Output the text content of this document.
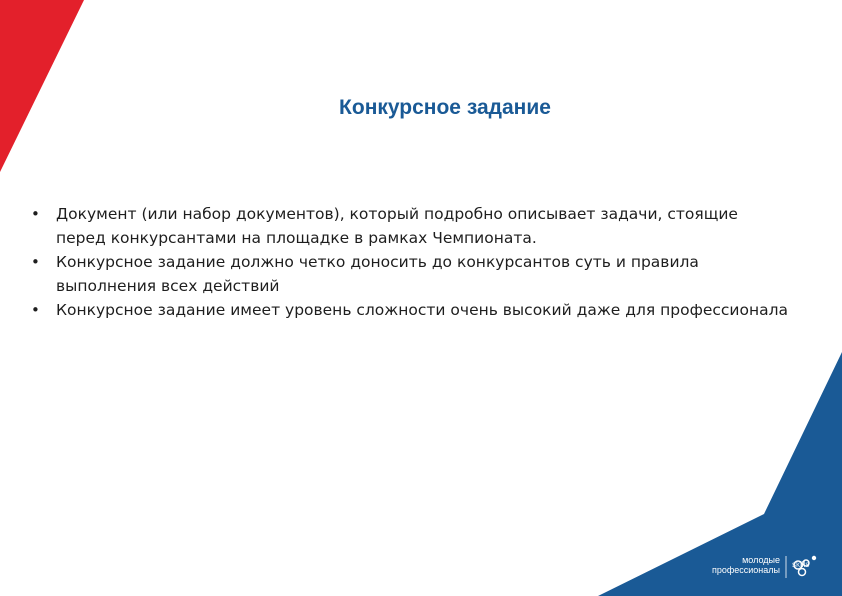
Конкурсное задание
• Документ (или набор документов), который подробно описывает задачи, стоящие перед конкурсантами на площадке в рамках Чемпионата.
• Конкурсное задание должно четко доносить до конкурсантов суть и правила выполнения всех действий
• Конкурсное задание имеет уровень сложности очень высокий даже для профессионала
молодые
профессионалы
skills
